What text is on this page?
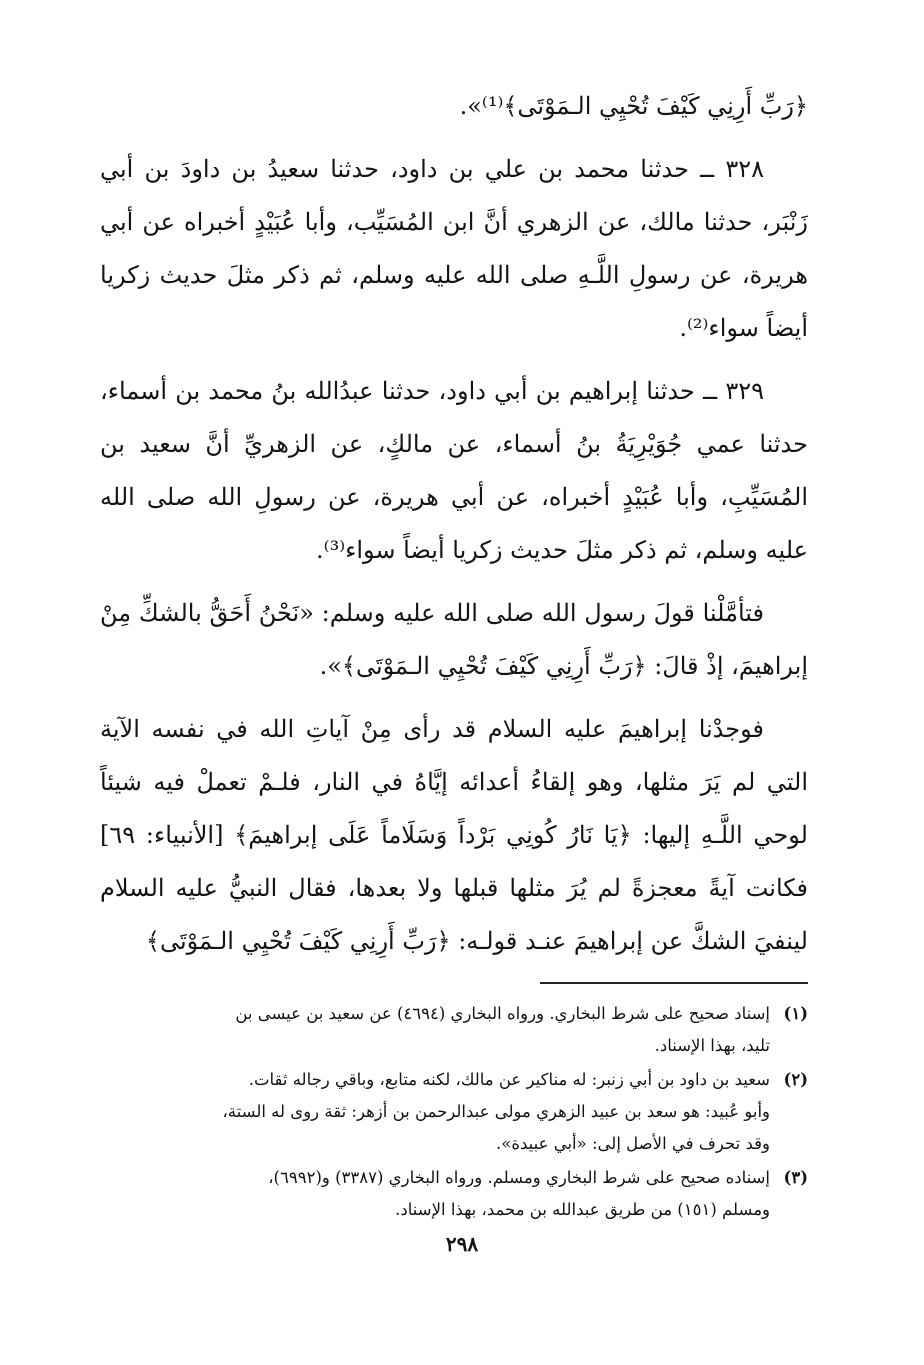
﴿رَبِّ أَرِنِي كَيْفَ تُحْيِي الـمَوْتَى﴾⁽¹⁾».

٣٢٨ ــ حدثنا محمد بن علي بن داود، حدثنا سعيدُ بن داودَ بن أبي زَنْبَر، حدثنا مالك، عن الزهري أنَّ ابن المُسَيِّب، وأبا عُبَيْدٍ أخبراه عن أبي هريرة، عن رسولِ اللَّـهِ صلى الله عليه وسلم، ثم ذكر مثلَ حديث زكريا أيضاً سواء⁽²⁾.

٣٢٩ ــ حدثنا إبراهيم بن أبي داود، حدثنا عبدُالله بنُ محمد بن أسماء، حدثنا عمي جُوَيْرِيَةُ بنُ أسماء، عن مالكٍ، عن الزهريِّ أنَّ سعيد بن المُسَيِّبِ، وأبا عُبَيْدٍ أخبراه، عن أبي هريرة، عن رسولِ الله صلى الله عليه وسلم، ثم ذكر مثلَ حديث زكريا أيضاً سواء⁽³⁾.

فتأمَّلْنا قولَ رسول الله صلى الله عليه وسلم: «نَحْنُ أَحَقُّ بالشكِّ مِنْ إبراهيمَ، إذْ قالَ: ﴿رَبِّ أَرِنِي كَيْفَ تُحْيِي الـمَوْتَى﴾».

فوجدْنا إبراهيمَ عليه السلام قد رأى مِنْ آياتِ الله في نفسه الآية التي لم يَرَ مثلها، وهو إلقاءُ أعدائه إيَّاهُ في النار، فلـمْ تعملْ فيه شيئاً لوحي اللَّـهِ إليها: ﴿يَا نَارُ كُونِي بَرْداً وَسَلَاماً عَلَى إبراهيمَ﴾ [الأنبياء: ٦٩] فكانت آيةً معجزةً لم يُرَ مثلها قبلها ولا بعدها، فقال النبيُّ عليه السلام لينفيَ الشكَّ عن إبراهيمَ عنـد قولـه: ﴿رَبِّ أَرِنِي كَيْفَ تُحْيِي الـمَوْتَى﴾

(١)
إسناد صحيح على شرط البخاري. ورواه البخاري (٤٦٩٤) عن سعيد بن عيسى بن
تليد، بهذا الإسناد.
(٢)
سعيد بن داود بن أبي زنبر: له مناكير عن مالك، لكنه متابع، وباقي رجاله ثقات.
وأبو عُبيد: هو سعد بن عبيد الزهري مولى عبدالرحمن بن أزهر: ثقة روى له الستة،
وقد تحرف في الأصل إلى: «أبي عبيدة».
(٣)
إسناده صحيح على شرط البخاري ومسلم. ورواه البخاري (٣٣٨٧) و(٦٩٩٢)،
ومسلم (١٥١) من طريق عبدالله بن محمد، بهذا الإسناد.
٢٩٨
